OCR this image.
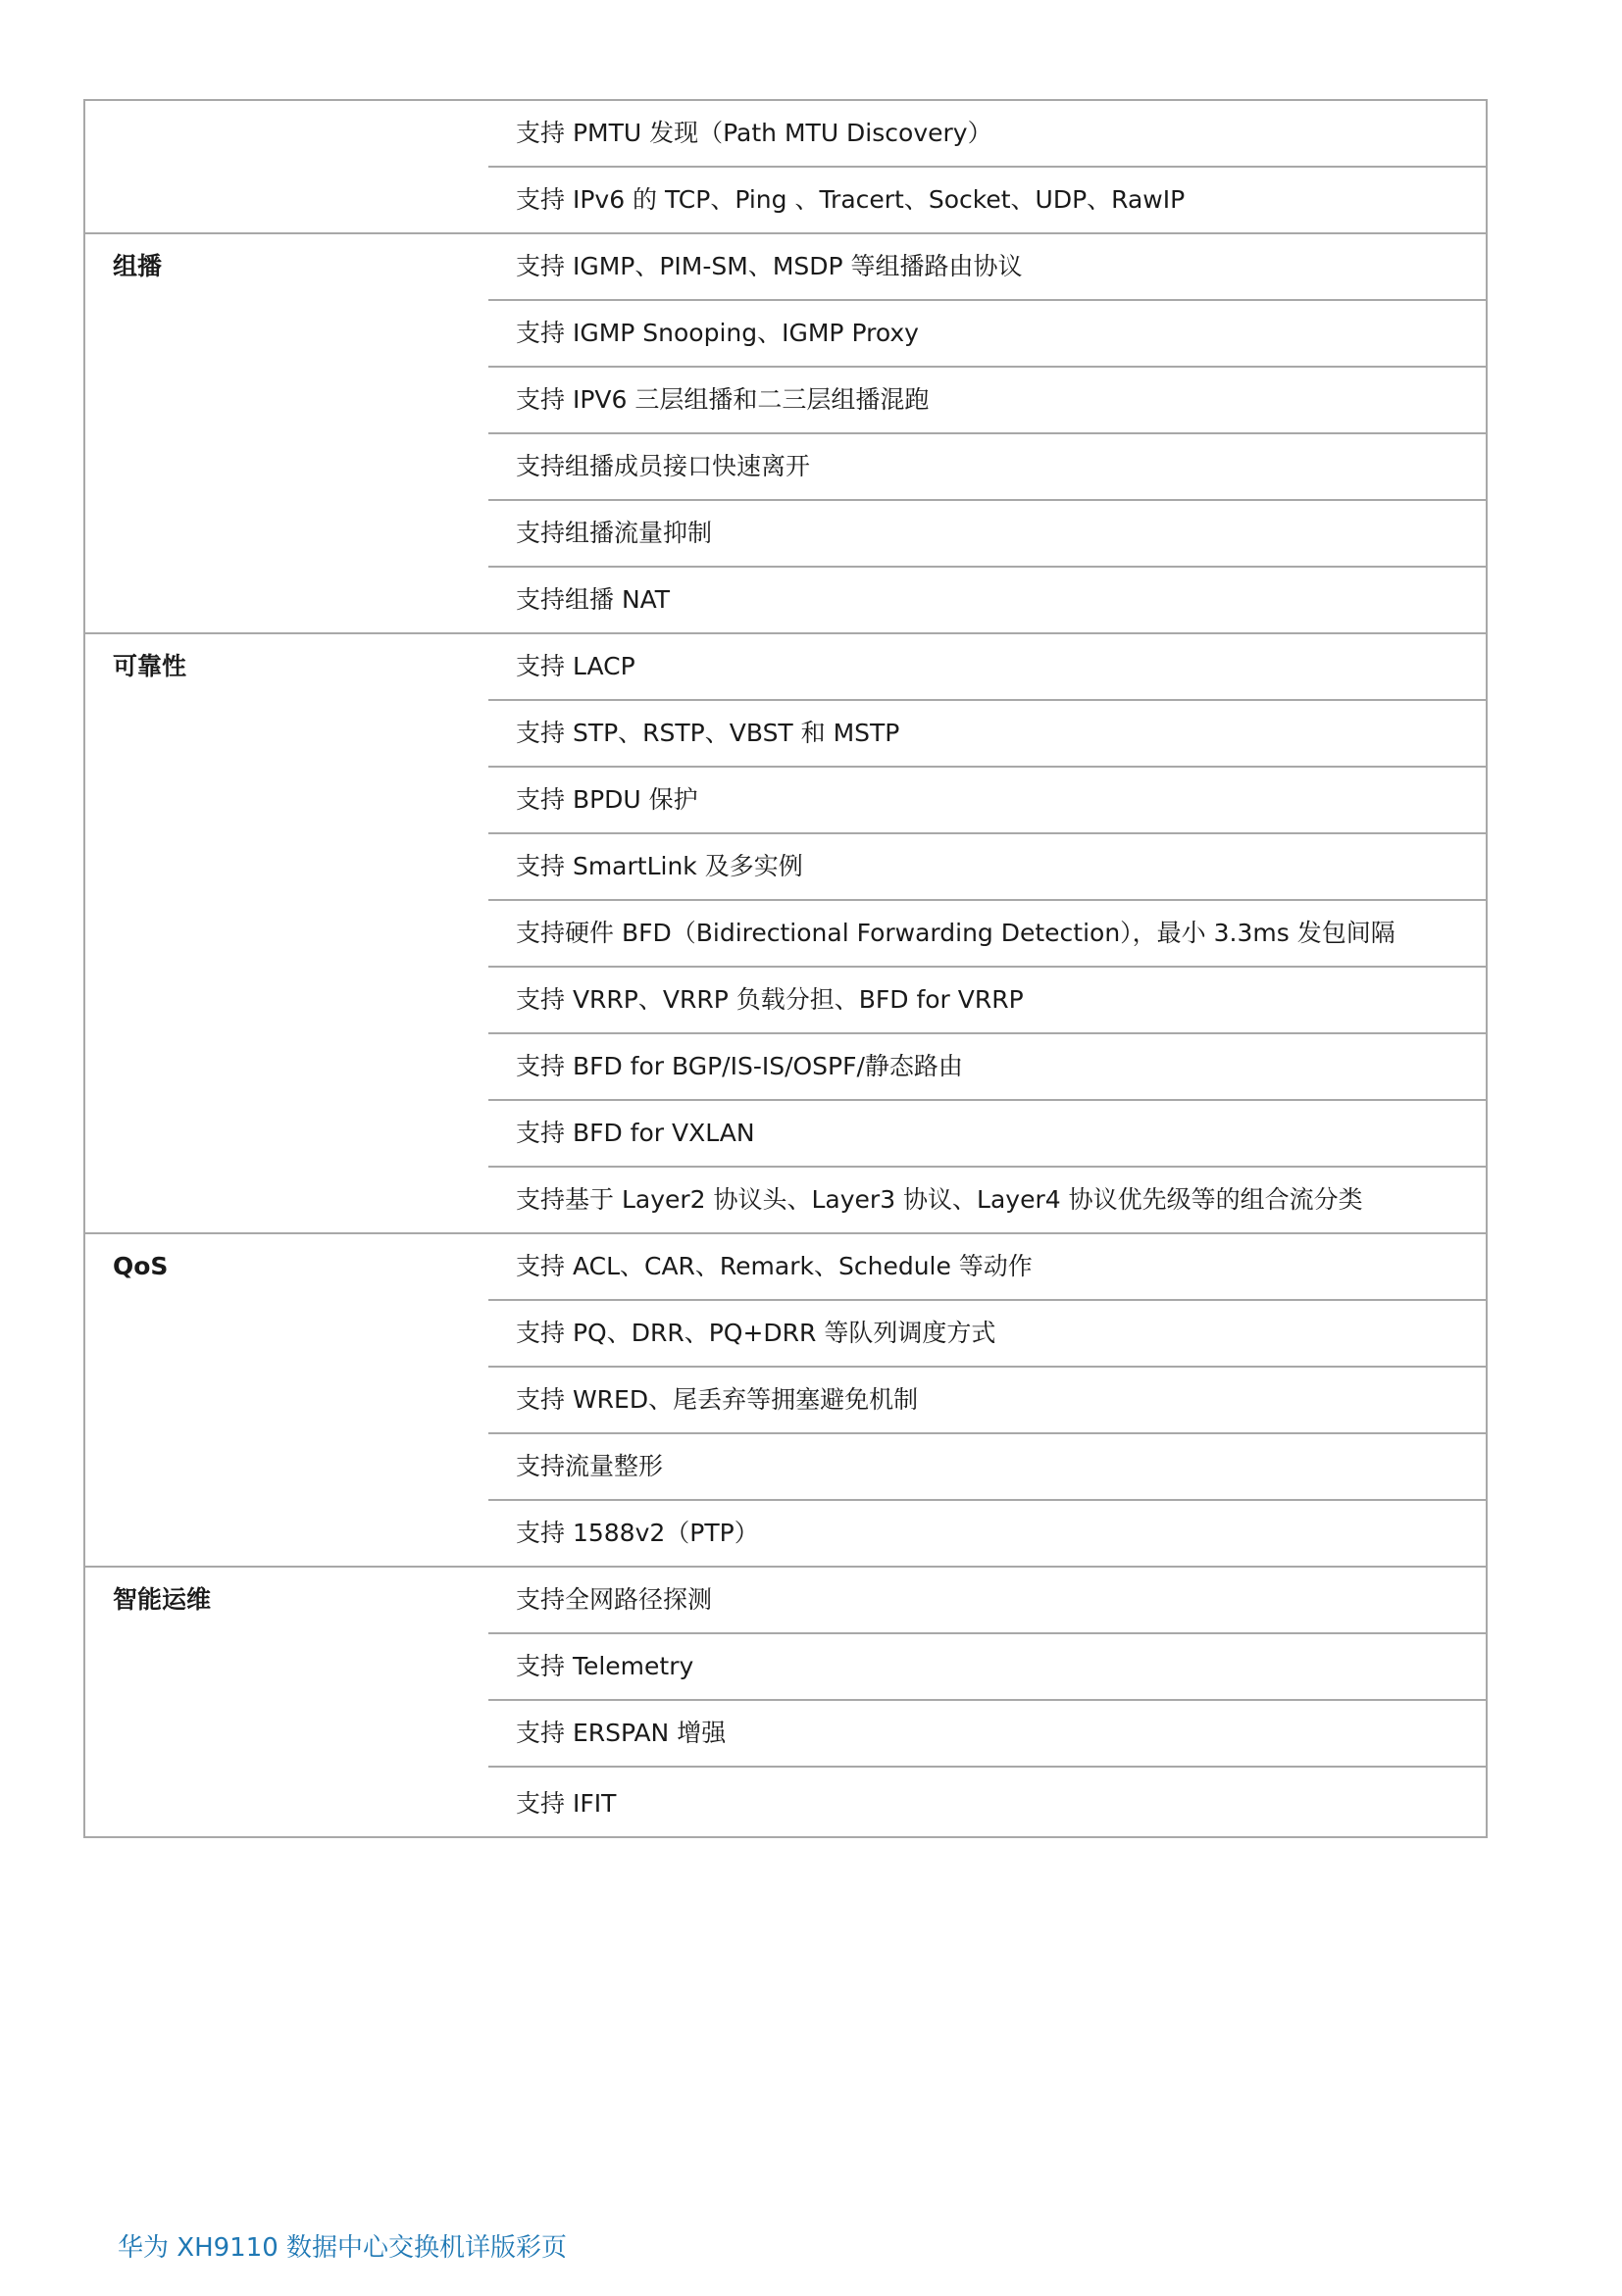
	支持 PMTU 发现（Path MTU Discovery）

	支持 IPv6 的 TCP、Ping 、Tracert、Socket、UDP、RawIP

组播	支持 IGMP、PIM-SM、MSDP 等组播路由协议

	支持 IGMP Snooping、IGMP Proxy

	支持 IPV6 三层组播和二三层组播混跑

	支持组播成员接口快速离开

	支持组播流量抑制

	支持组播 NAT

可靠性	支持 LACP

	支持 STP、RSTP、VBST 和 MSTP

	支持 BPDU 保护

	支持 SmartLink 及多实例

	支持硬件 BFD（Bidirectional Forwarding Detection），最小 3.3ms 发包间隔

	支持 VRRP、VRRP 负载分担、BFD for VRRP

	支持 BFD for BGP/IS-IS/OSPF/静态路由

	支持 BFD for VXLAN

	支持基于 Layer2 协议头、Layer3 协议、Layer4 协议优先级等的组合流分类

QoS	支持 ACL、CAR、Remark、Schedule 等动作

	支持 PQ、DRR、PQ+DRR 等队列调度方式

	支持 WRED、尾丢弃等拥塞避免机制

	支持流量整形

	支持 1588v2（PTP）

智能运维	支持全网路径探测

	支持 Telemetry

	支持 ERSPAN 增强

	支持 IFIT
华为 XH9110 数据中心交换机详版彩页
